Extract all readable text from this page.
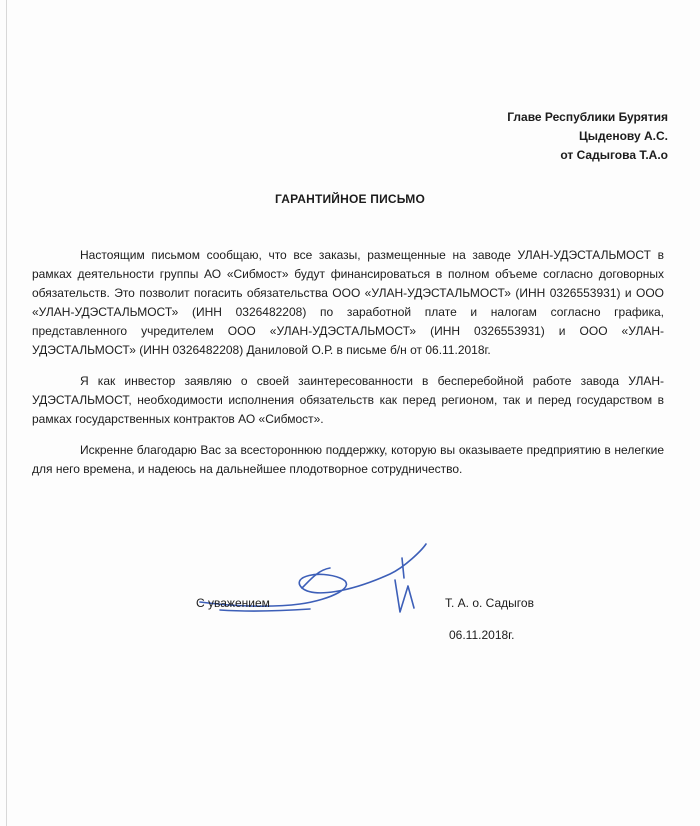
Главе Республики Бурятия
Цыденову А.С.
от Садыгова Т.А.о
ГАРАНТИЙНОЕ ПИСЬМО

Настоящим письмом сообщаю, что все заказы, размещенные на заводе УЛАН-УДЭСТАЛЬМОСТ в рамках деятельности группы АО «Сибмост» будут финансироваться в полном объеме согласно договорных обязательств. Это позволит погасить обязательства ООО «УЛАН-УДЭСТАЛЬМОСТ» (ИНН 0326553931) и ООО «УЛАН-УДЭСТАЛЬМОСТ» (ИНН 0326482208) по заработной плате и налогам согласно графика, представленного учредителем ООО «УЛАН-УДЭСТАЛЬМОСТ» (ИНН 0326553931) и ООО «УЛАН-УДЭСТАЛЬМОСТ» (ИНН 0326482208) Даниловой О.Р. в письме б/н от 06.11.2018г.

Я как инвестор заявляю о своей заинтересованности в бесперебойной работе завода УЛАН-УДЭСТАЛЬМОСТ, необходимости исполнения обязательств как перед регионом, так и перед государством в рамках государственных контрактов АО «Сибмост».

Искренне благодарю Вас за всестороннюю поддержку, которую вы оказываете предприятию в нелегкие для него времена, и надеюсь на дальнейшее плодотворное сотрудничество.

С уважением	Т. А. о. Садыгов
06.11.2018г.
